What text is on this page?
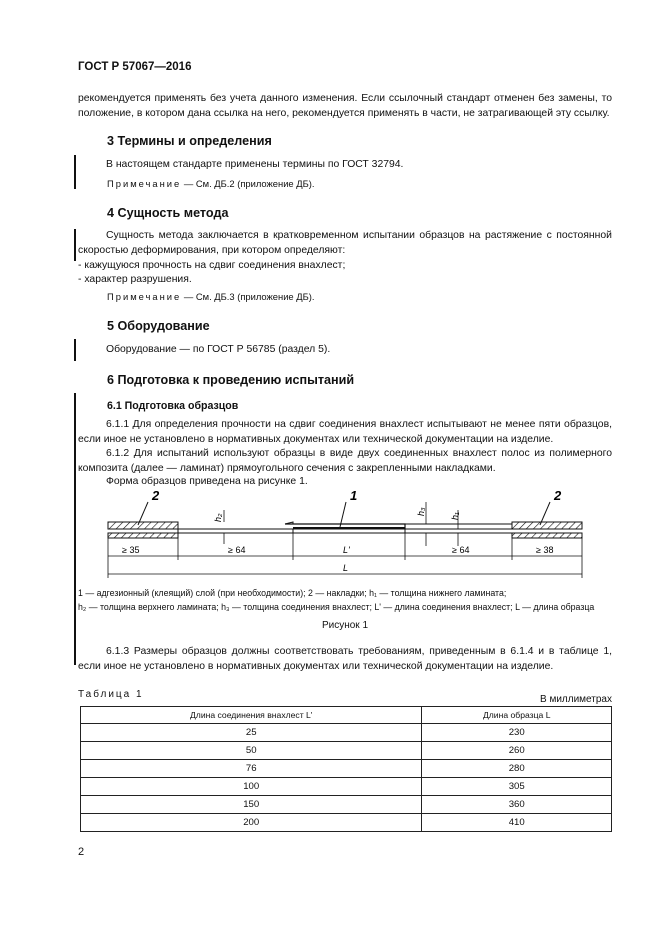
ГОСТ Р 57067—2016
рекомендуется применять без учета данного изменения. Если ссылочный стандарт отменен без замены, то положение, в котором дана ссылка на него, рекомендуется применять в части, не затрагивающей эту ссылку.
3 Термины и определения
В настоящем стандарте применены термины по ГОСТ 32794.
Примечание — См. ДБ.2 (приложение ДБ).
4 Сущность метода
Сущность метода заключается в кратковременном испытании образцов на растяжение с постоянной скоростью деформирования, при котором определяют:
- кажущуюся прочность на сдвиг соединения внахлест;
- характер разрушения.
Примечание — См. ДБ.3 (приложение ДБ).
5 Оборудование
Оборудование — по ГОСТ Р 56785 (раздел 5).
6 Подготовка к проведению испытаний
6.1 Подготовка образцов
6.1.1 Для определения прочности на сдвиг соединения внахлест испытывают не менее пяти образцов, если иное не установлено в нормативных документах или технической документации на изделие.
6.1.2 Для испытаний используют образцы в виде двух соединенных внахлест полос из полимерного композита (далее — ламинат) прямоугольного сечения с закрепленными накладками.
Форма образцов приведена на рисунке 1.
2	1	2
h₂
h₃
h₁
≥ 35	≥ 64	L'	≥ 64	≥ 38
L
1 — адгезионный (клеящий) слой (при необходимости); 2 — накладки; h₁ — толщина нижнего ламината;
h₂ — толщина верхнего ламината; h₃ — толщина соединения внахлест; L' — длина соединения внахлест; L — длина образца
Рисунок 1
6.1.3 Размеры образцов должны соответствовать требованиям, приведенным в 6.1.4 и в таблице 1, если иное не установлено в нормативных документах или технической документации на изделие.
Таблица 1	В миллиметрах
Длина соединения внахлест L'	Длина образца L
25	230
50	260
76	280
100	305
150	360
200	410
2
